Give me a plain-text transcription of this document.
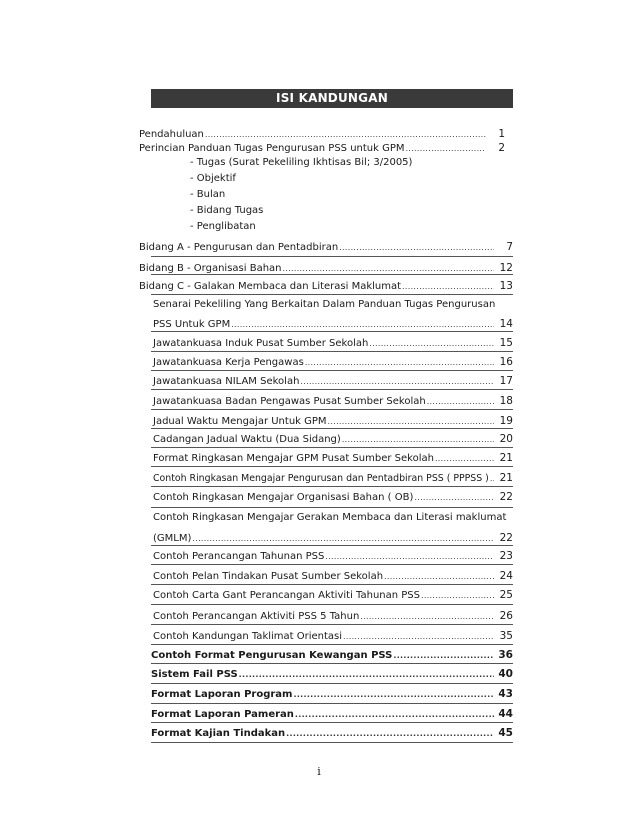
ISI KANDUNGAN
Pendahuluan .....	1
Perincian Panduan Tugas Pengurusan PSS untuk GPM .....	2
- Tugas (Surat Pekeliling Ikhtisas Bil; 3/2005)
- Objektif
- Bulan
- Bidang Tugas
- Penglibatan
Bidang A - Pengurusan dan Pentadbiran .....	7
Bidang B - Organisasi Bahan .....	12
Bidang C - Galakan Membaca dan Literasi Maklumat .....	13
Senarai Pekeliling Yang Berkaitan Dalam Panduan Tugas Pengurusan
PSS Untuk GPM .....	14
Jawatankuasa Induk Pusat Sumber Sekolah .....	15
Jawatankuasa Kerja Pengawas .....	16
Jawatankuasa NILAM Sekolah .....	17
Jawatankuasa Badan Pengawas Pusat Sumber Sekolah .....	18
Jadual Waktu Mengajar Untuk GPM .....	19
Cadangan Jadual Waktu (Dua Sidang) .....	20
Format Ringkasan Mengajar GPM Pusat Sumber Sekolah .....	21
Contoh Ringkasan Mengajar Pengurusan dan Pentadbiran PSS ( PPPSS ) ..... 21
Contoh Ringkasan Mengajar Organisasi Bahan ( OB) .....	22
Contoh Ringkasan Mengajar Gerakan Membaca dan Literasi maklumat
(GMLM) .....	22
Contoh Perancangan Tahunan PSS .....	23
Contoh Pelan Tindakan Pusat Sumber Sekolah .....	24
Contoh Carta Gant Perancangan Aktiviti Tahunan PSS .....	25
Contoh Perancangan Aktiviti PSS 5 Tahun .....	26
Contoh Kandungan Taklimat Orientasi .....	35
Contoh Format Pengurusan Kewangan PSS .....	36
Sistem Fail PSS .....	40
Format Laporan Program .....	43
Format Laporan Pameran .....	44
Format Kajian Tindakan .....	45
i
